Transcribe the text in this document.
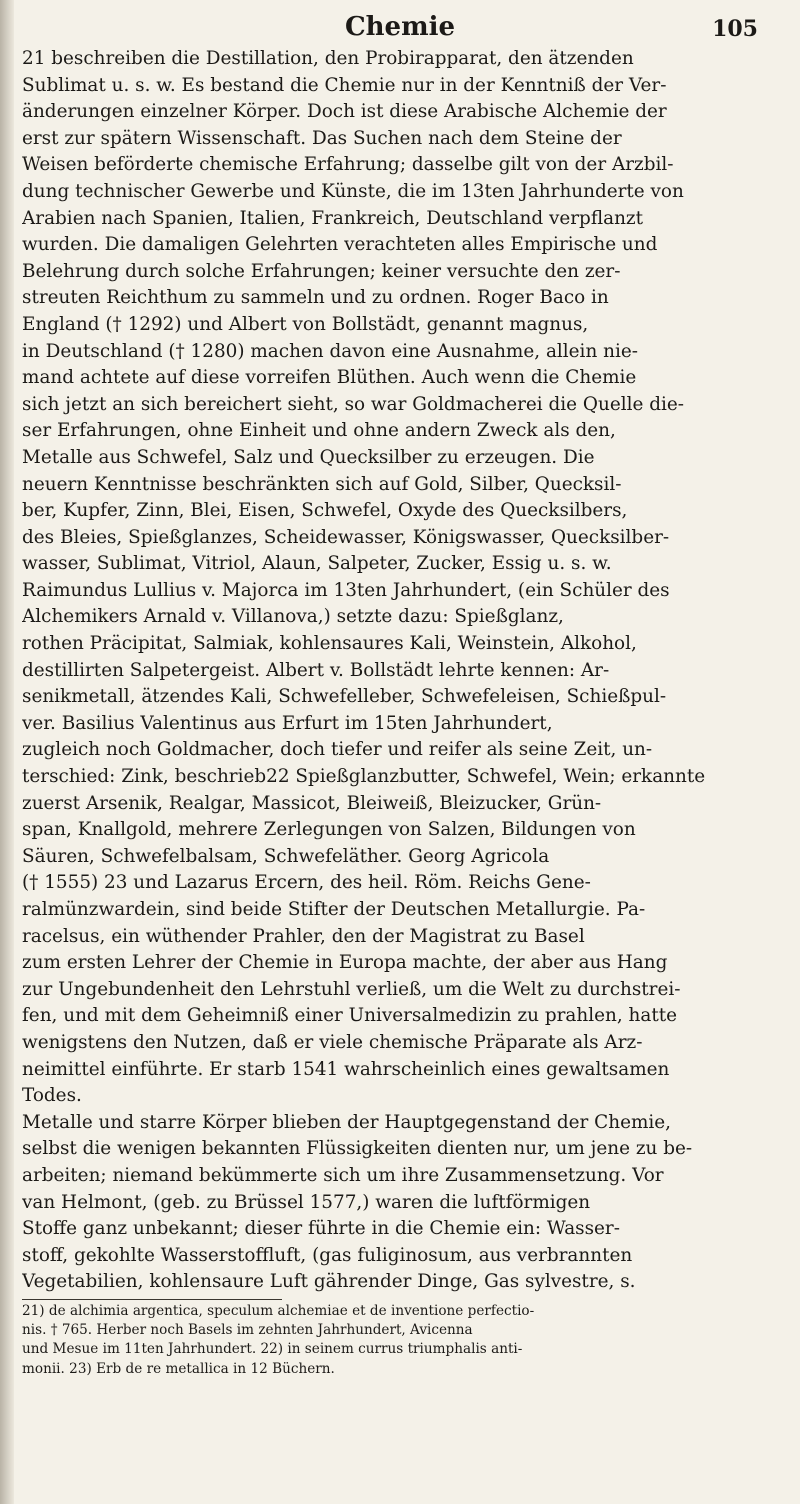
Chemie	105
21 beschreiben die Destillation, den Probirapparat, den ätzenden
Sublimat u. s. w. Es bestand die Chemie nur in der Kenntniß der Ver-
änderungen einzelner Körper. Doch ist diese Arabische Alchemie der
erst zur spätern Wissenschaft. Das Suchen nach dem Steine der
Weisen beförderte chemische Erfahrung; dasselbe gilt von der Arzbil-
dung technischer Gewerbe und Künste, die im 13ten Jahrhunderte von
Arabien nach Spanien, Italien, Frankreich, Deutschland verpflanzt
wurden. Die damaligen Gelehrten verachteten alles Empirische und
Belehrung durch solche Erfahrungen; keiner versuchte den zer-
streuten Reichthum zu sammeln und zu ordnen. Roger Baco in
England († 1292) und Albert von Bollstädt, genannt magnus,
in Deutschland († 1280) machen davon eine Ausnahme, allein nie-
mand achtete auf diese vorreifen Blüthen. Auch wenn die Chemie
sich jetzt an sich bereichert sieht, so war Goldmacherei die Quelle die-
ser Erfahrungen, ohne Einheit und ohne andern Zweck als den,
Metalle aus Schwefel, Salz und Quecksilber zu erzeugen. Die
neuern Kenntnisse beschränkten sich auf Gold, Silber, Quecksil-
ber, Kupfer, Zinn, Blei, Eisen, Schwefel, Oxyde des Quecksilbers,
des Bleies, Spießglanzes, Scheidewasser, Königswasser, Quecksilber-
wasser, Sublimat, Vitriol, Alaun, Salpeter, Zucker, Essig u. s. w.
Raimundus Lullius v. Majorca im 13ten Jahrhundert, (ein Schüler des
Alchemikers Arnald v. Villanova,) setzte dazu: Spießglanz,
rothen Präcipitat, Salmiak, kohlensaures Kali, Weinstein, Alkohol,
destillirten Salpetergeist. Albert v. Bollstädt lehrte kennen: Ar-
senikmetall, ätzendes Kali, Schwefelleber, Schwefeleisen, Schießpul-
ver. Basilius Valentinus aus Erfurt im 15ten Jahrhundert,
zugleich noch Goldmacher, doch tiefer und reifer als seine Zeit, un-
terschied: Zink, beschrieb22 Spießglanzbutter, Schwefel, Wein; erkannte
zuerst Arsenik, Realgar, Massicot, Bleiweiß, Bleizucker, Grün-
span, Knallgold, mehrere Zerlegungen von Salzen, Bildungen von
Säuren, Schwefelbalsam, Schwefeläther. Georg Agricola
(† 1555) 23 und Lazarus Ercern, des heil. Röm. Reichs Gene-
ralmünzwardein, sind beide Stifter der Deutschen Metallurgie. Pa-
racelsus, ein wüthender Prahler, den der Magistrat zu Basel
zum ersten Lehrer der Chemie in Europa machte, der aber aus Hang
zur Ungebundenheit den Lehrstuhl verließ, um die Welt zu durchstrei-
fen, und mit dem Geheimniß einer Universalmedizin zu prahlen, hatte
wenigstens den Nutzen, daß er viele chemische Präparate als Arz-
neimittel einführte. Er starb 1541 wahrscheinlich eines gewaltsamen
Todes.
Metalle und starre Körper blieben der Hauptgegenstand der Chemie,
selbst die wenigen bekannten Flüssigkeiten dienten nur, um jene zu be-
arbeiten; niemand bekümmerte sich um ihre Zusammensetzung. Vor
van Helmont, (geb. zu Brüssel 1577,) waren die luftförmigen
Stoffe ganz unbekannt; dieser führte in die Chemie ein: Wasser-
stoff, gekohlte Wasserstoffluft, (gas fuliginosum, aus verbrannten
Vegetabilien, kohlensaure Luft gährender Dinge, Gas sylvestre, s.
21) de alchimia argentica, speculum alchemiae et de inventione perfectio-
nis. † 765. Herber noch Basels im zehnten Jahrhundert, Avicenna
und Mesue im 11ten Jahrhundert. 22) in seinem currus triumphalis anti-
monii. 23) Erb de re metallica in 12 Büchern.
